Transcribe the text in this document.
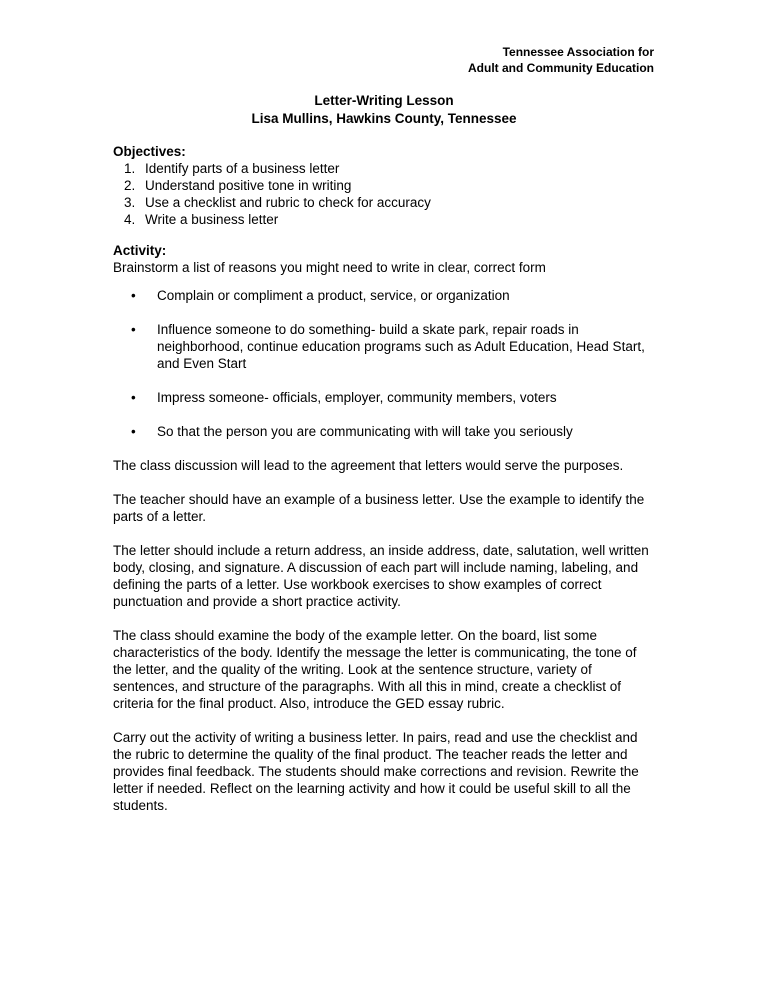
Tennessee Association for
Adult and Community Education
Letter-Writing Lesson
Lisa Mullins, Hawkins County, Tennessee

Objectives:

1. Identify parts of a business letter
2. Understand positive tone in writing
3. Use a checklist and rubric to check for accuracy
4. Write a business letter

Activity:

Brainstorm a list of reasons you might need to write in clear, correct form

• Complain or compliment a product, service, or organization
• Influence someone to do something- build a skate park, repair roads in neighborhood, continue education programs such as Adult Education, Head Start, and Even Start
• Impress someone- officials, employer, community members, voters
• So that the person you are communicating with will take you seriously

The class discussion will lead to the agreement that letters would serve the purposes.

The teacher should have an example of a business letter. Use the example to identify the parts of a letter.

The letter should include a return address, an inside address, date, salutation, well written body, closing, and signature. A discussion of each part will include naming, labeling, and defining the parts of a letter. Use workbook exercises to show examples of correct punctuation and provide a short practice activity.

The class should examine the body of the example letter. On the board, list some characteristics of the body. Identify the message the letter is communicating, the tone of the letter, and the quality of the writing. Look at the sentence structure, variety of sentences, and structure of the paragraphs. With all this in mind, create a checklist of criteria for the final product. Also, introduce the GED essay rubric.

Carry out the activity of writing a business letter. In pairs, read and use the checklist and the rubric to determine the quality of the final product. The teacher reads the letter and provides final feedback. The students should make corrections and revision. Rewrite the letter if needed. Reflect on the learning activity and how it could be useful skill to all the students.
